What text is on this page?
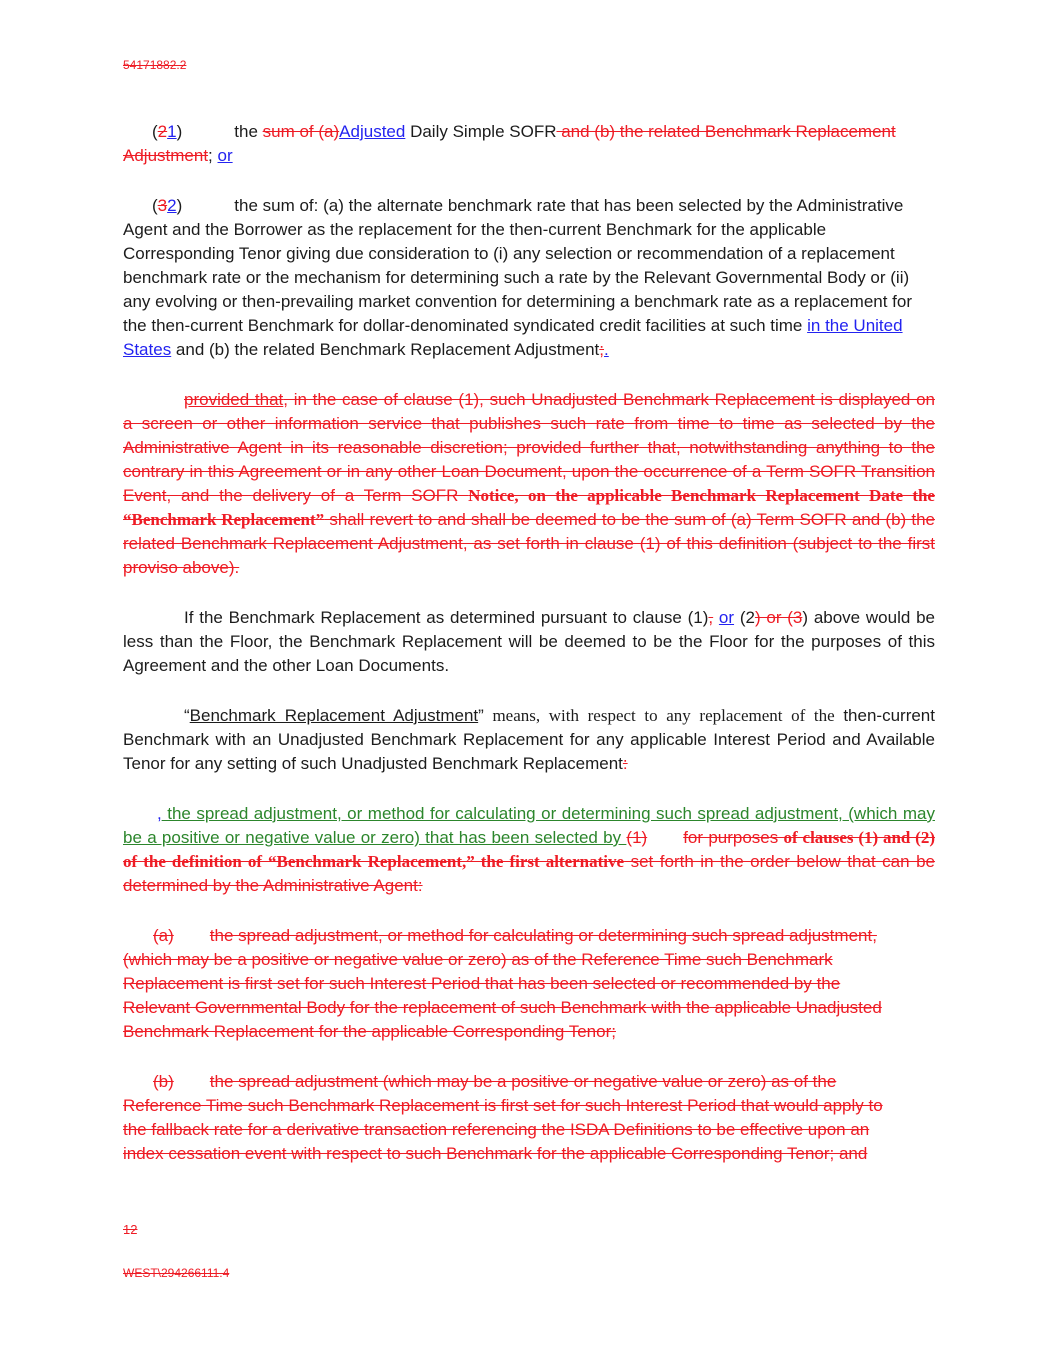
54171882.2

(21)	the sum of (a)Adjusted Daily Simple SOFR and (b) the related Benchmark Replacement Adjustment; or

(32)	the sum of: (a) the alternate benchmark rate that has been selected by the Administrative Agent and the Borrower as the replacement for the then-current Benchmark for the applicable Corresponding Tenor giving due consideration to (i) any selection or recommendation of a replacement benchmark rate or the mechanism for determining such a rate by the Relevant Governmental Body or (ii) any evolving or then-prevailing market convention for determining a benchmark rate as a replacement for the then-current Benchmark for dollar-denominated syndicated credit facilities at such time in the United States and (b) the related Benchmark Replacement Adjustment;.

provided that, in the case of clause (1), such Unadjusted Benchmark Replacement is displayed on a screen or other information service that publishes such rate from time to time as selected by the Administrative Agent in its reasonable discretion; provided further that, notwithstanding anything to the contrary in this Agreement or in any other Loan Document, upon the occurrence of a Term SOFR Transition Event, and the delivery of a Term SOFR Notice, on the applicable Benchmark Replacement Date the “Benchmark Replacement” shall revert to and shall be deemed to be the sum of (a) Term SOFR and (b) the related Benchmark Replacement Adjustment, as set forth in clause (1) of this definition (subject to the first proviso above).

If the Benchmark Replacement as determined pursuant to clause (1), or (2) or (3) above would be less than the Floor, the Benchmark Replacement will be deemed to be the Floor for the purposes of this Agreement and the other Loan Documents.

“Benchmark Replacement Adjustment” means, with respect to any replacement of the then-current Benchmark with an Unadjusted Benchmark Replacement for any applicable Interest Period and Available Tenor for any setting of such Unadjusted Benchmark Replacement:

, the spread adjustment, or method for calculating or determining such spread adjustment, (which may be a positive or negative value or zero) that has been selected by (1) for purposes of clauses (1) and (2) of the definition of “Benchmark Replacement,” the first alternative set forth in the order below that can be determined by the Administrative Agent:

(a) the spread adjustment, or method for calculating or determining such spread adjustment, (which may be a positive or negative value or zero) as of the Reference Time such Benchmark Replacement is first set for such Interest Period that has been selected or recommended by the Relevant Governmental Body for the replacement of such Benchmark with the applicable Unadjusted Benchmark Replacement for the applicable Corresponding Tenor;

(b) the spread adjustment (which may be a positive or negative value or zero) as of the Reference Time such Benchmark Replacement is first set for such Interest Period that would apply to the fallback rate for a derivative transaction referencing the ISDA Definitions to be effective upon an index cessation event with respect to such Benchmark for the applicable Corresponding Tenor; and

12
WEST\294266111.4
